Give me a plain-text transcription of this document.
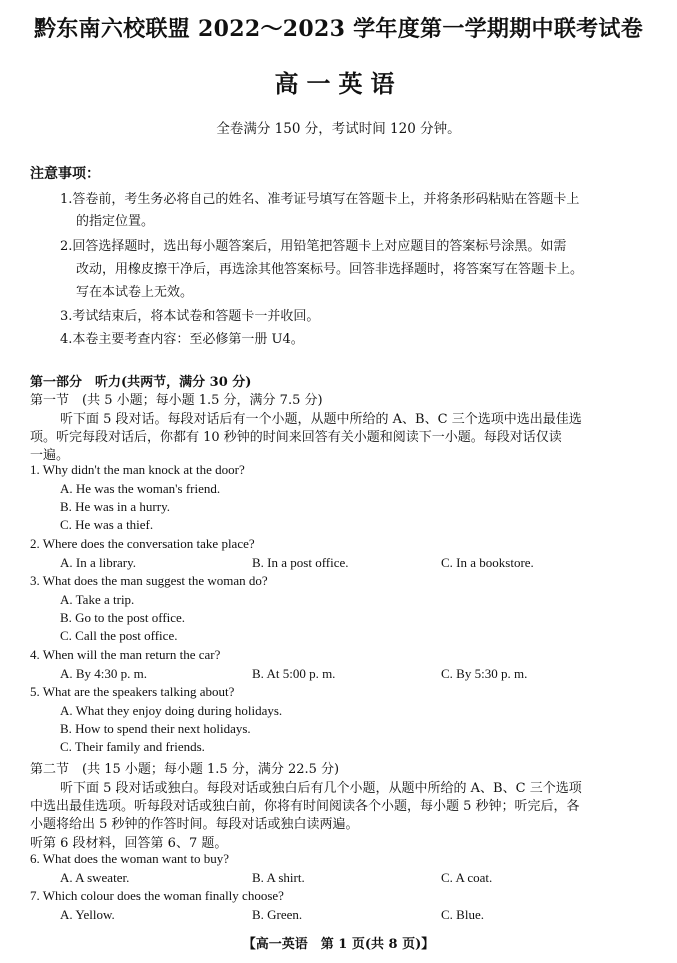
黔东南六校联盟 2022～2023 学年度第一学期期中联考试卷
高一英语
全卷满分 150 分，考试时间 120 分钟。
注意事项：
1.答卷前，考生务必将自己的姓名、准考证号填写在答题卡上，并将条形码粘贴在答题卡上
的指定位置。
2.回答选择题时，选出每小题答案后，用铅笔把答题卡上对应题目的答案标号涂黑。如需
改动，用橡皮擦干净后，再选涂其他答案标号。回答非选择题时，将答案写在答题卡上。
写在本试卷上无效。
3.考试结束后，将本试卷和答题卡一并收回。
4.本卷主要考查内容：至必修第一册 U4。
第一部分　听力(共两节，满分 30 分)
第一节　(共 5 小题；每小题 1.5 分，满分 7.5 分)
听下面 5 段对话。每段对话后有一个小题，从题中所给的 A、B、C 三个选项中选出最佳选
项。听完每段对话后，你都有 10 秒钟的时间来回答有关小题和阅读下一小题。每段对话仅读
一遍。
1. Why didn't the man knock at the door?
A. He was the woman's friend.
B. He was in a hurry.
C. He was a thief.
2. Where does the conversation take place?
A. In a library.	B. In a post office.	C. In a bookstore.
3. What does the man suggest the woman do?
A. Take a trip.
B. Go to the post office.
C. Call the post office.
4. When will the man return the car?
A. By 4:30 p. m.	B. At 5:00 p. m.	C. By 5:30 p. m.
5. What are the speakers talking about?
A. What they enjoy doing during holidays.
B. How to spend their next holidays.
C. Their family and friends.
第二节　(共 15 小题；每小题 1.5 分，满分 22.5 分)
听下面 5 段对话或独白。每段对话或独白后有几个小题，从题中所给的 A、B、C 三个选项
中选出最佳选项。听每段对话或独白前，你将有时间阅读各个小题，每小题 5 秒钟；听完后，各
小题将给出 5 秒钟的作答时间。每段对话或独白读两遍。
听第 6 段材料，回答第 6、7 题。
6. What does the woman want to buy?
A. A sweater.	B. A shirt.	C. A coat.
7. Which colour does the woman finally choose?
A. Yellow.	B. Green.	C. Blue.
【高一英语　第 1 页(共 8 页)】
